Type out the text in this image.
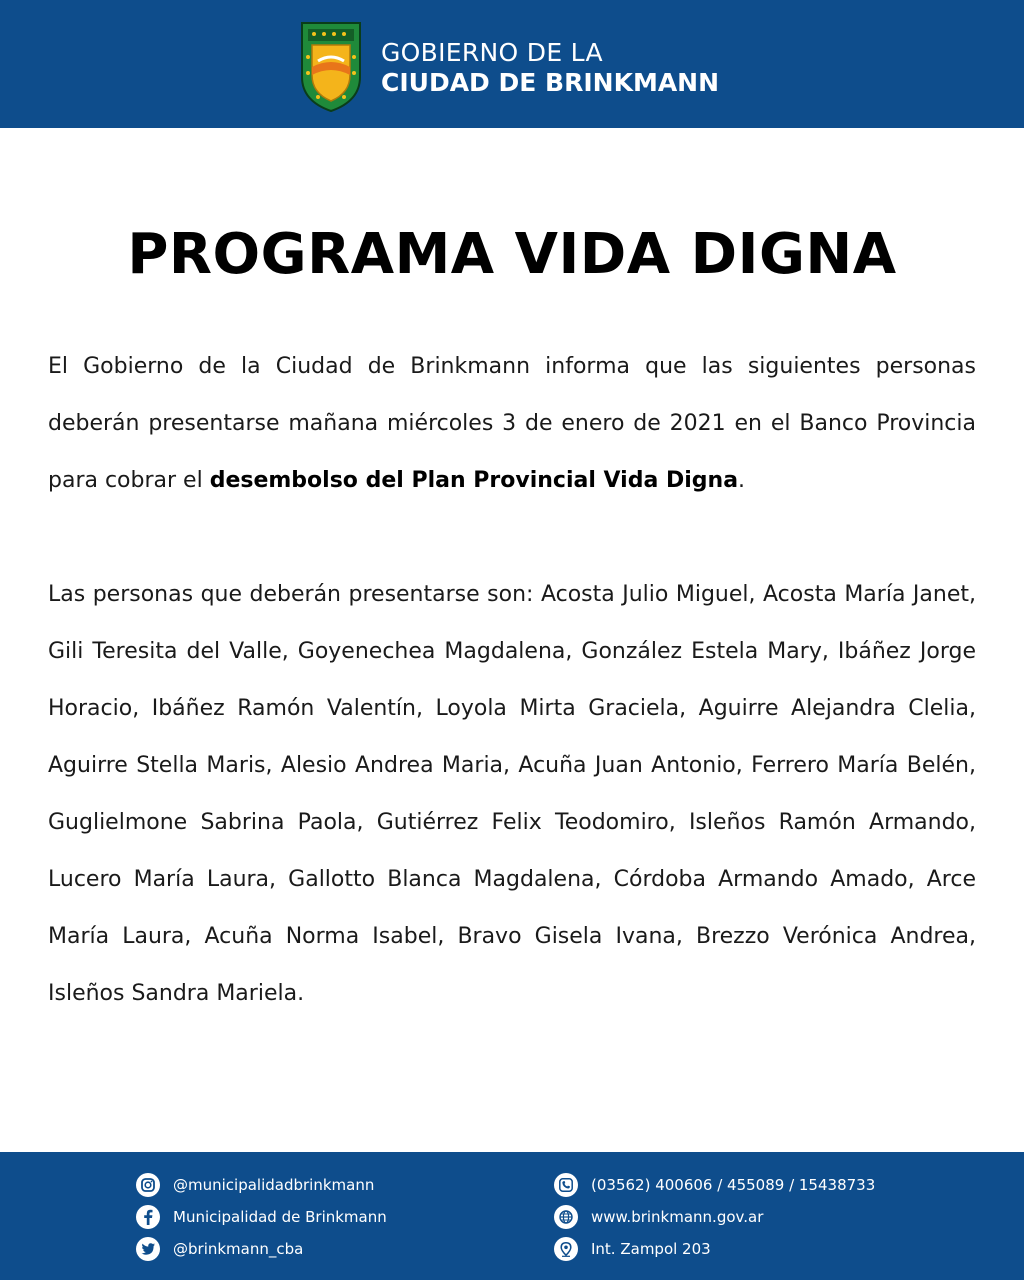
GOBIERNO DE LA
CIUDAD DE BRINKMANN
PROGRAMA VIDA DIGNA

El Gobierno de la Ciudad de Brinkmann informa que las siguientes personas deberán presentarse mañana miércoles 3 de enero de 2021 en el Banco Provincia para cobrar el desembolso del Plan Provincial Vida Digna.

Las personas que deberán presentarse son: Acosta Julio Miguel, Acosta María Janet, Gili Teresita del Valle, Goyenechea Magdalena, González Estela Mary, Ibáñez Jorge Horacio, Ibáñez Ramón Valentín, Loyola Mirta Graciela, Aguirre Alejandra Clelia, Aguirre Stella Maris, Alesio Andrea Maria, Acuña Juan Antonio, Ferrero María Belén, Guglielmone Sabrina Paola, Gutiérrez Felix Teodomiro, Isleños Ramón Armando, Lucero María Laura, Gallotto Blanca Magdalena, Córdoba Armando Amado, Arce María Laura, Acuña Norma Isabel, Bravo Gisela Ivana, Brezzo Verónica Andrea, Isleños Sandra Mariela.

@municipalidadbrinkmann
Municipalidad de Brinkmann
@brinkmann_cba
(03562) 400606 / 455089 / 15438733
www.brinkmann.gov.ar
Int. Zampol 203
